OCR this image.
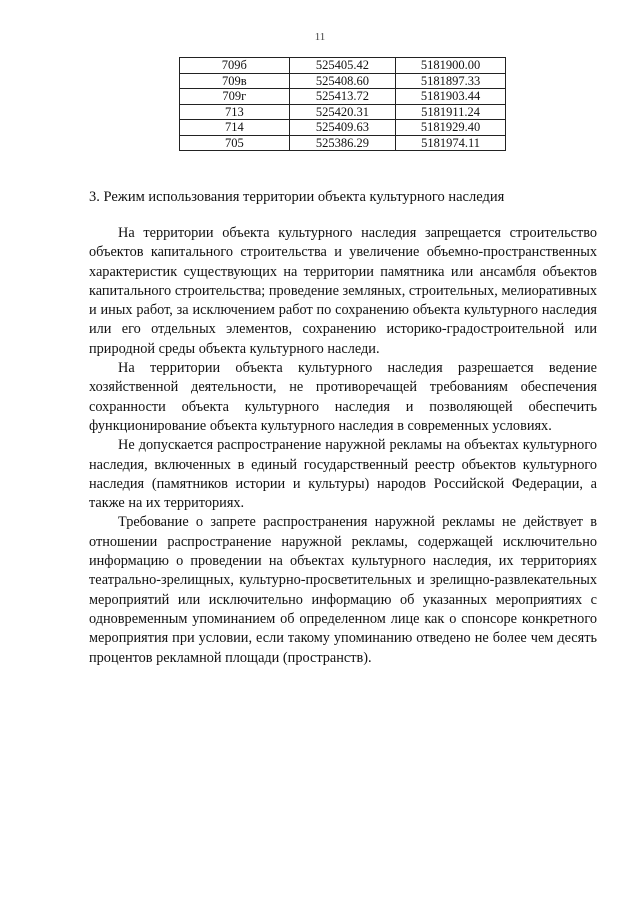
11
709б	525405.42	5181900.00
709в	525408.60	5181897.33
709г	525413.72	5181903.44
713	525420.31	5181911.24
714	525409.63	5181929.40
705	525386.29	5181974.11
3. Режим использования территории объекта культурного наследия

На территории объекта культурного наследия запрещается строительство объектов капитального строительства и увеличение объемно-пространственных характеристик существующих на территории памятника или ансамбля объектов капитального строительства; проведение земляных, строительных, мелиоративных и иных работ, за исключением работ по сохранению объекта культурного наследия или его отдельных элементов, сохранению историко-градостроительной или природной среды объекта культурного наследи.

На территории объекта культурного наследия разрешается ведение хозяйственной деятельности, не противоречащей требованиям обеспечения сохранности объекта культурного наследия и позволяющей обеспечить функционирование объекта культурного наследия в современных условиях.

Не допускается распространение наружной рекламы на объектах культурного наследия, включенных в единый государственный реестр объектов культурного наследия (памятников истории и культуры) народов Российской Федерации, а также на их территориях.

Требование о запрете распространения наружной рекламы не действует в отношении распространение наружной рекламы, содержащей исключительно информацию о проведении на объектах культурного наследия, их территориях театрально-зрелищных, культурно-просветительных и зрелищно-развлекательных мероприятий или исключительно информацию об указанных мероприятиях с одновременным упоминанием об определенном лице как о спонсоре конкретного мероприятия при условии, если такому упоминанию отведено не более чем десять процентов рекламной площади (пространств).
